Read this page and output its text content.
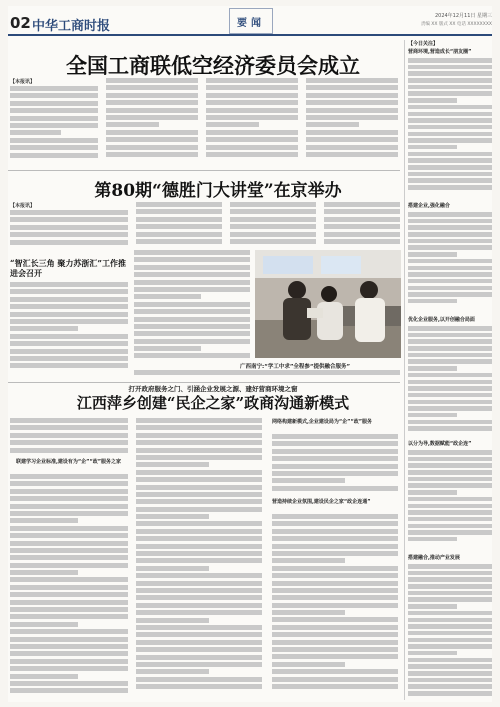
02 中华工商时报	要闻
2024年12月11日 星期三
责编 XX 版式 XX 电话 XXXXXXXX
全国工商联低空经济委员会成立
【本报讯】
第80期“德胜门大讲堂”在京举办
【本报讯】
“智汇长三角 聚力苏浙汇”工作推进会召开
广西南宁:“学工中求”全程参“提供融合服务”
打开政府服务之门、引涵企业发展之源、建好营商环境之窗
江西萍乡创建“民企之家”政商沟通新模式
联建学习企业标准,建设有为“企”“政”服务之家
网络构建新模式,企业建设局为“企”“政”服务
营造持续企业氛围,建设民企之家“政企连通”
【今日关注】
营商环境,营造成长“朋友圈”
搭建企业,强化融合
优化企业服务,以开创融合局面
以分为导,数据赋能“政企连”
搭建融合,推动产业发展
